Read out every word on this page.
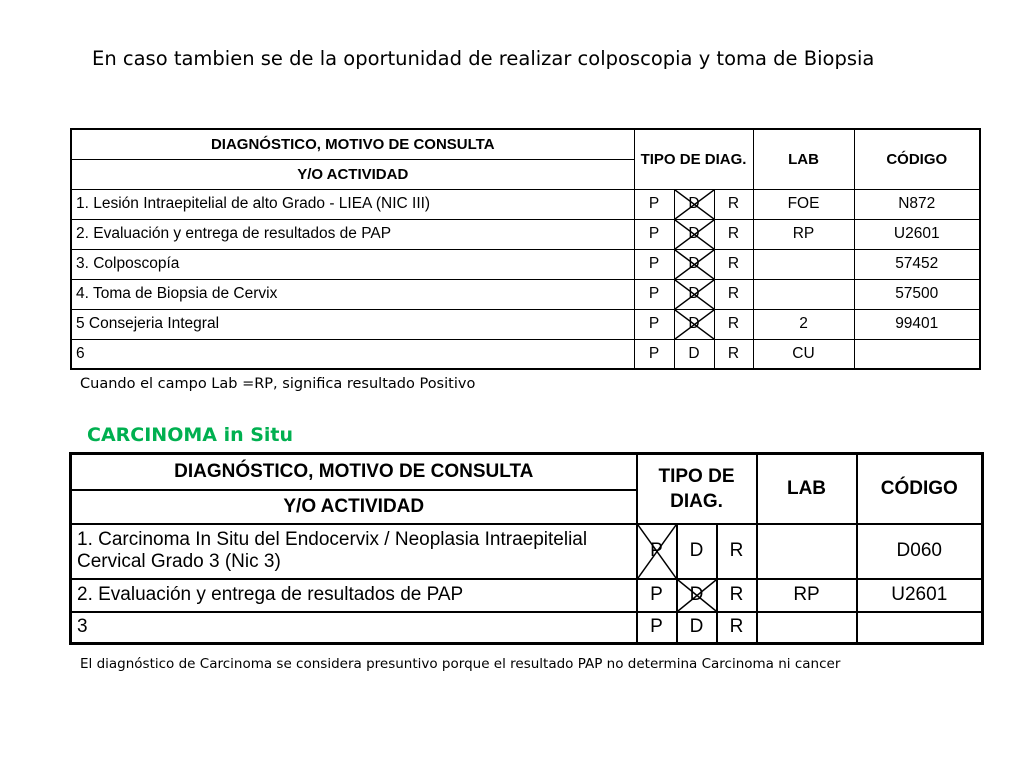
En caso tambien se de la oportunidad de realizar colposcopia y toma de Biopsia
DIAGNÓSTICO, MOTIVO DE CONSULTA	TIPO DE DIAG.			LAB	CÓDIGO
Y/O ACTIVIDAD					
1. Lesión Intraepitelial de alto Grado - LIEA (NIC III)	P	D	R	FOE	N872
2. Evaluación y entrega de resultados de PAP	P	D	R	RP	U2601
3. Colposcopía	P	D	R		57452
4. Toma de Biopsia de Cervix	P	D	R		57500
5 Consejeria Integral	P	D	R	2	99401
6	P	D	R	CU	
Cuando el campo Lab =RP, significa resultado Positivo
CARCINOMA in Situ
DIAGNÓSTICO, MOTIVO DE CONSULTA	TIPO DE DIAG.			LAB	CÓDIGO
Y/O ACTIVIDAD					
1. Carcinoma In Situ del Endocervix / Neoplasia Intraepitelial Cervical Grado 3 (Nic 3)	P	D	R		D060
2. Evaluación y entrega de resultados de PAP	P	D	R	RP	U2601
3	P	D	R		
El diagnóstico de Carcinoma se considera presuntivo porque el resultado PAP no determina Carcinoma ni cancer
